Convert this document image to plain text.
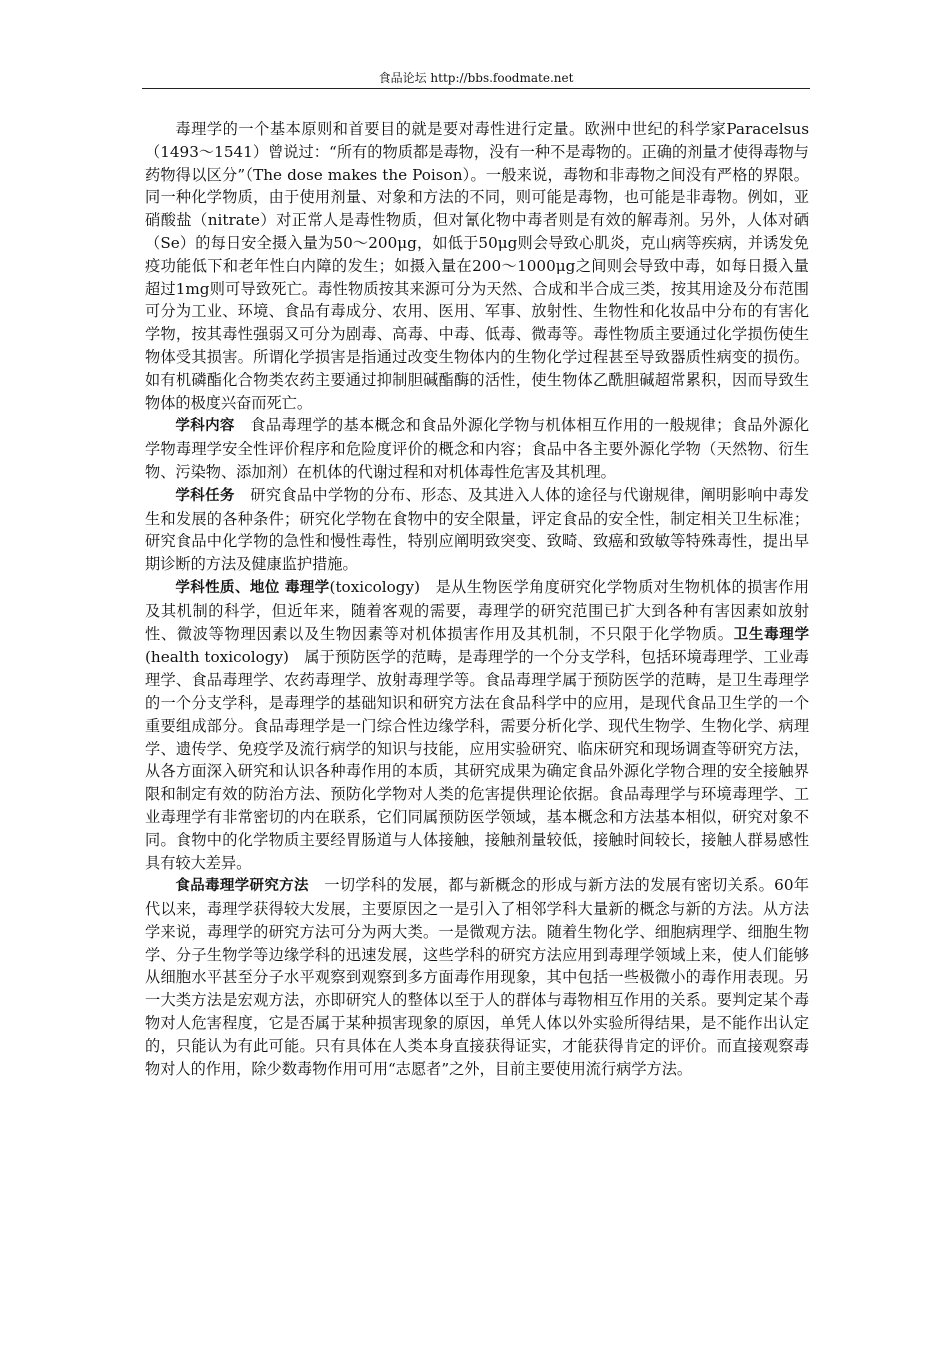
食品论坛 http://bbs.foodmate.net

毒理学的一个基本原则和首要目的就是要对毒性进行定量。欧洲中世纪的科学家Paracelsus（1493～1541）曾说过：“所有的物质都是毒物，没有一种不是毒物的。正确的剂量才使得毒物与药物得以区分”（The dose makes the Poison）。一般来说，毒物和非毒物之间没有严格的界限。同一种化学物质，由于使用剂量、对象和方法的不同，则可能是毒物，也可能是非毒物。例如，亚硝酸盐（nitrate）对正常人是毒性物质，但对氰化物中毒者则是有效的解毒剂。另外，人体对硒（Se）的每日安全摄入量为50～200μg，如低于50μg则会导致心肌炎，克山病等疾病，并诱发免疫功能低下和老年性白内障的发生；如摄入量在200～1000μg之间则会导致中毒，如每日摄入量超过1mg则可导致死亡。毒性物质按其来源可分为天然、合成和半合成三类，按其用途及分布范围可分为工业、环境、食品有毒成分、农用、医用、军事、放射性、生物性和化妆品中分布的有害化学物，按其毒性强弱又可分为剧毒、高毒、中毒、低毒、微毒等。毒性物质主要通过化学损伤使生物体受其损害。所谓化学损害是指通过改变生物体内的生物化学过程甚至导致器质性病变的损伤。如有机磷酯化合物类农药主要通过抑制胆碱酯酶的活性，使生物体乙酰胆碱超常累积，因而导致生物体的极度兴奋而死亡。

学科内容 食品毒理学的基本概念和食品外源化学物与机体相互作用的一般规律；食品外源化学物毒理学安全性评价程序和危险度评价的概念和内容；食品中各主要外源化学物（天然物、衍生物、污染物、添加剂）在机体的代谢过程和对机体毒性危害及其机理。

学科任务 研究食品中学物的分布、形态、及其进入人体的途径与代谢规律，阐明影响中毒发生和发展的各种条件；研究化学物在食物中的安全限量，评定食品的安全性，制定相关卫生标准；研究食品中化学物的急性和慢性毒性，特别应阐明致突变、致畸、致癌和致敏等特殊毒性，提出早期诊断的方法及健康监护措施。

学科性质、地位 毒理学(toxicology) 是从生物医学角度研究化学物质对生物机体的损害作用及其机制的科学，但近年来，随着客观的需要，毒理学的研究范围已扩大到各种有害因素如放射性、微波等物理因素以及生物因素等对机体损害作用及其机制，不只限于化学物质。卫生毒理学(health toxicology) 属于预防医学的范畴，是毒理学的一个分支学科，包括环境毒理学、工业毒理学、食品毒理学、农药毒理学、放射毒理学等。食品毒理学属于预防医学的范畴，是卫生毒理学的一个分支学科，是毒理学的基础知识和研究方法在食品科学中的应用，是现代食品卫生学的一个重要组成部分。食品毒理学是一门综合性边缘学科，需要分析化学、现代生物学、生物化学、病理学、遗传学、免疫学及流行病学的知识与技能，应用实验研究、临床研究和现场调查等研究方法，从各方面深入研究和认识各种毒作用的本质，其研究成果为确定食品外源化学物合理的安全接触界限和制定有效的防治方法、预防化学物对人类的危害提供理论依据。食品毒理学与环境毒理学、工业毒理学有非常密切的内在联系，它们同属预防医学领域，基本概念和方法基本相似，研究对象不同。食物中的化学物质主要经胃肠道与人体接触，接触剂量较低，接触时间较长，接触人群易感性具有较大差异。

食品毒理学研究方法 一切学科的发展，都与新概念的形成与新方法的发展有密切关系。60年代以来，毒理学获得较大发展，主要原因之一是引入了相邻学科大量新的概念与新的方法。从方法学来说，毒理学的研究方法可分为两大类。一是微观方法。随着生物化学、细胞病理学、细胞生物学、分子生物学等边缘学科的迅速发展，这些学科的研究方法应用到毒理学领域上来，使人们能够从细胞水平甚至分子水平观察到观察到多方面毒作用现象，其中包括一些极微小的毒作用表现。另一大类方法是宏观方法，亦即研究人的整体以至于人的群体与毒物相互作用的关系。要判定某个毒物对人危害程度，它是否属于某种损害现象的原因，单凭人体以外实验所得结果，是不能作出认定的，只能认为有此可能。只有具体在人类本身直接获得证实，才能获得肯定的评价。而直接观察毒物对人的作用，除少数毒物作用可用“志愿者”之外，目前主要使用流行病学方法。
